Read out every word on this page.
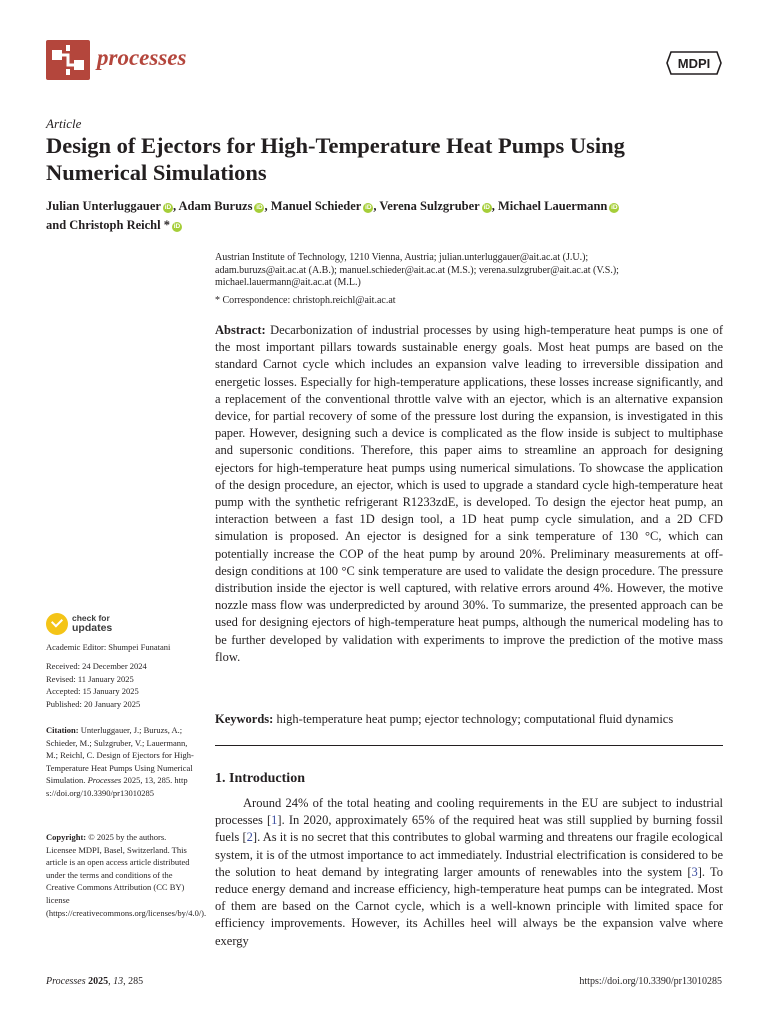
processes	MDPI
Article
Design of Ejectors for High-Temperature Heat Pumps Using Numerical Simulations
Julian Unterluggauer iD , Adam Buruzs iD , Manuel Schieder iD , Verena Sulzgruber iD , Michael Lauermann iD
and Christoph Reichl * iD
Austrian Institute of Technology, 1210 Vienna, Austria; julian.unterluggauer@ait.ac.at (J.U.);
adam.buruzs@ait.ac.at (A.B.); manuel.schieder@ait.ac.at (M.S.); verena.sulzgruber@ait.ac.at (V.S.);
michael.lauermann@ait.ac.at (M.L.)
* Correspondence: christoph.reichl@ait.ac.at
Abstract: Decarbonization of industrial processes by using high-temperature heat pumps is one of the most important pillars towards sustainable energy goals. Most heat pumps are based on the standard Carnot cycle which includes an expansion valve leading to irreversible dissipation and energetic losses. Especially for high-temperature applications, these losses increase significantly, and a replacement of the conventional throttle valve with an ejector, which is an alternative expansion device, for partial recovery of some of the pressure lost during the expansion, is investigated in this paper. However, designing such a device is complicated as the flow inside is subject to multiphase and supersonic conditions. Therefore, this paper aims to streamline an approach for designing ejectors for high-temperature heat pumps using numerical simulations. To showcase the application of the design procedure, an ejector, which is used to upgrade a standard cycle high-temperature heat pump with the synthetic refrigerant R1233zdE, is developed. To design the ejector heat pump, an interaction between a fast 1D design tool, a 1D heat pump cycle simulation, and a 2D CFD simulation is proposed. An ejector is designed for a sink temperature of 130 °C, which can potentially increase the COP of the heat pump by around 20%. Preliminary measurements at off-design conditions at 100 °C sink temperature are used to validate the design procedure. The pressure distribution inside the ejector is well captured, with relative errors around 4%. However, the motive nozzle mass flow was underpredicted by around 30%. To summarize, the presented approach can be used for designing ejectors of high-temperature heat pumps, although the numerical modeling has to be further developed by validation with experiments to improve the prediction of the motive mass flow.
Keywords: high-temperature heat pump; ejector technology; computational fluid dynamics
1. Introduction
Around 24% of the total heating and cooling requirements in the EU are subject to industrial processes [1]. In 2020, approximately 65% of the required heat was still supplied by burning fossil fuels [2]. As it is no secret that this contributes to global warming and threatens our fragile ecological system, it is of the utmost importance to act immediately. Industrial electrification is considered to be the solution to heat demand by integrating larger amounts of renewables into the system [3]. To reduce energy demand and increase efficiency, high-temperature heat pumps can be integrated. Most of them are based on the Carnot cycle, which is a well-known principle with limited space for efficiency improvements. However, its Achilles heel will always be the expansion valve where exergy
check for
updates
Academic Editor: Shumpei Funatani
Received: 24 December 2024
Revised: 11 January 2025
Accepted: 15 January 2025
Published: 20 January 2025
Citation: Unterluggauer, J.; Buruzs, A.; Schieder, M.; Sulzgruber, V.; Lauermann, M.; Reichl, C. Design of Ejectors for High-Temperature Heat Pumps Using Numerical Simulation. Processes 2025, 13, 285. https://doi.org/10.3390/pr13010285
Copyright: © 2025 by the authors. Licensee MDPI, Basel, Switzerland. This article is an open access article distributed under the terms and conditions of the Creative Commons Attribution (CC BY) license (https://creativecommons.org/licenses/by/4.0/).
Processes 2025, 13, 285	https://doi.org/10.3390/pr13010285
